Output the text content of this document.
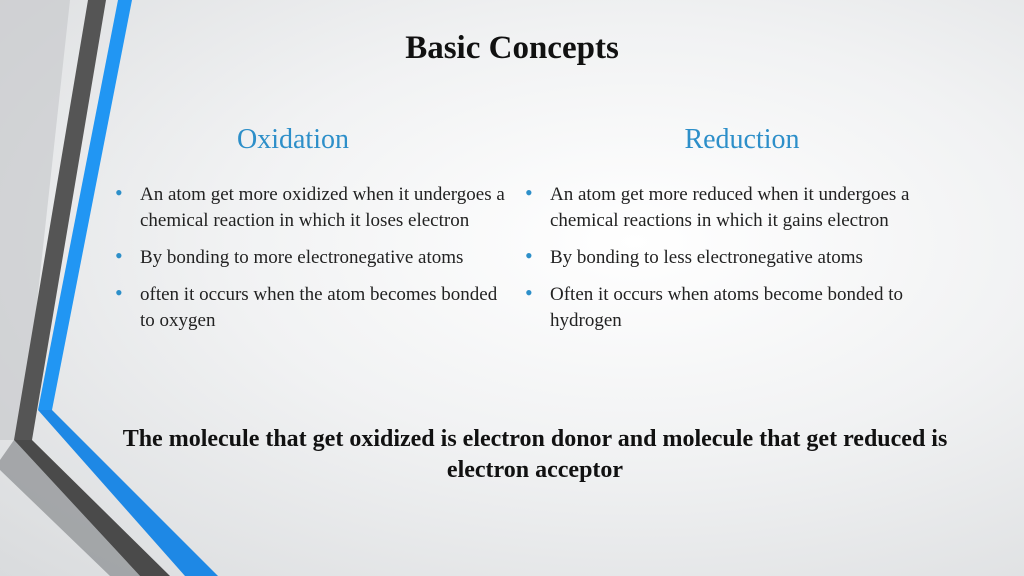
Basic Concepts
Oxidation	Reduction
• An atom get more oxidized when it undergoes a chemical reaction in which it loses electron
• By bonding to more electronegative atoms
• often it occurs when the atom becomes bonded to oxygen
• An atom get more reduced when it undergoes a chemical reactions in which it gains electron
• By bonding to less electronegative atoms
• Often it occurs when atoms become bonded to hydrogen
The molecule that get oxidized is electron donor and molecule that get reduced is electron acceptor
